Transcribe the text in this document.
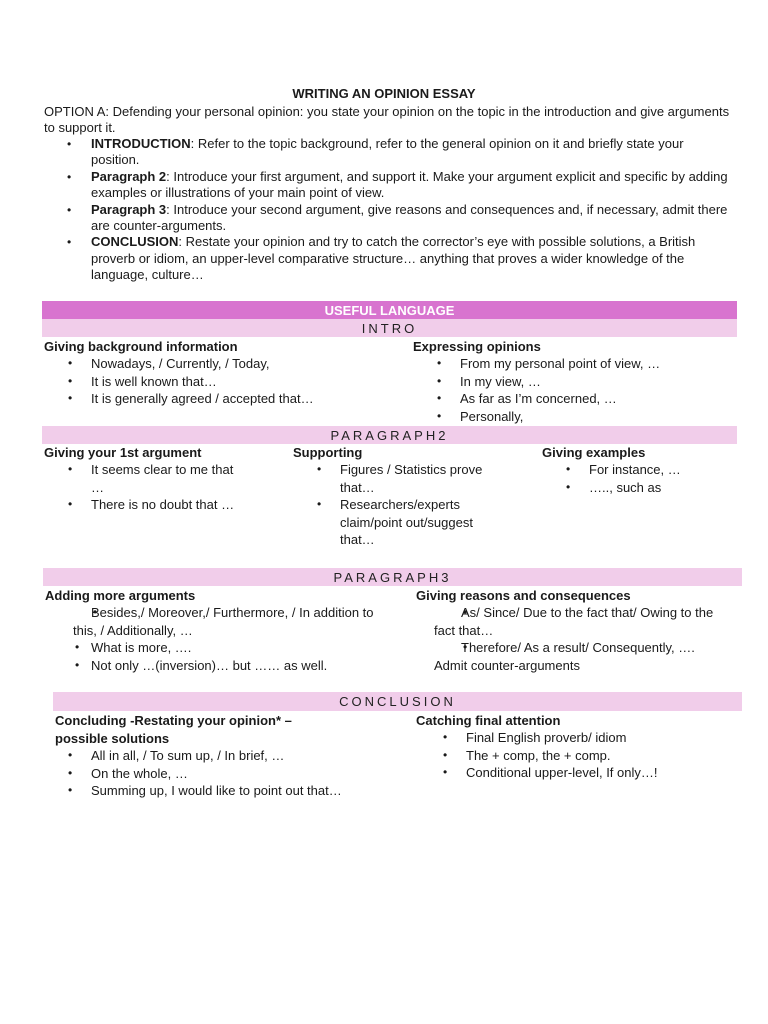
WRITING AN OPINION ESSAY
OPTION A: Defending your personal opinion: you state your opinion on the topic in the introduction and give arguments to support it.
• INTRODUCTION: Refer to the topic background, refer to the general opinion on it and briefly state your position.
• Paragraph 2: Introduce your first argument, and support it. Make your argument explicit and specific by adding examples or illustrations of your main point of view.
• Paragraph 3: Introduce your second argument, give reasons and consequences and, if necessary, admit there are counter-arguments.
• CONCLUSION: Restate your opinion and try to catch the corrector’s eye with possible solutions, a British proverb or idiom, an upper-level comparative structure… anything that proves a wider knowledge of the language, culture…
USEFUL LANGUAGE
INTRO
Giving background information
• Nowadays, / Currently, / Today,
• It is well known that…
• It is generally agreed / accepted that…
Expressing opinions
• From my personal point of view, …
• In my view, …
• As far as I’m concerned, …
• Personally,
PARAGRAPH2
Giving your 1st argument
• It seems clear to me that …
• There is no doubt that …
Supporting
• Figures / Statistics prove that…
• Researchers/experts claim/point out/suggest that…
Giving examples
• For instance, …
• ….., such as
PARAGRAPH3
Adding more arguments
• Besides,/ Moreover,/ Furthermore, / In addition to this, / Additionally, …
• What is more, ….
• Not only …(inversion)… but …… as well.
Giving reasons and consequences
• As/ Since/ Due to the fact that/ Owing to the fact that…
• Therefore/ As a result/ Consequently, ….
Admit counter-arguments
CONCLUSION
Concluding -Restating your opinion* – possible solutions
• All in all, / To sum up, / In brief, …
• On the whole, …
• Summing up, I would like to point out that…
Catching final attention
• Final English proverb/ idiom
• The + comp, the + comp.
• Conditional upper-level, If only…!
